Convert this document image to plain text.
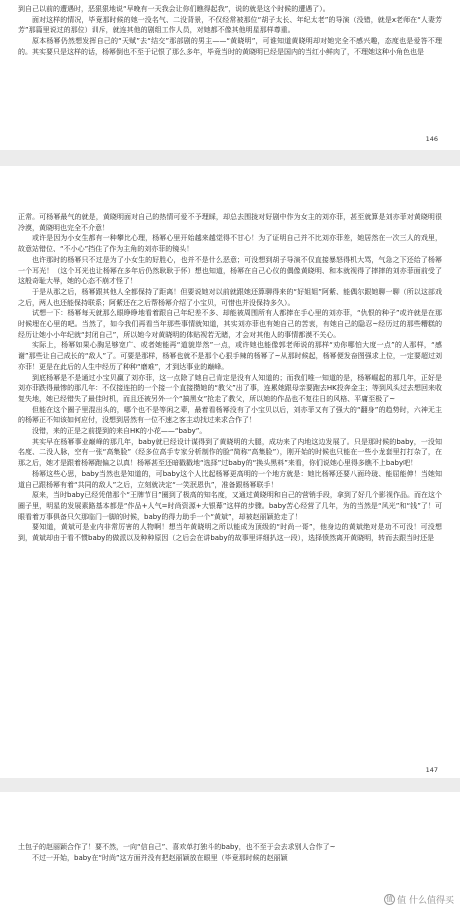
到自己以前的遭遇时，恶狠狠地说“早晚有一天我会让你们瞧得起我”，说的就是这个时候的遭遇了）。

面对这样的情况，毕竟那时候的她一没名气、二没背景，不仅经常被那位“胡子太长、年纪太老”的导演（没错，就是x老师在“人妻芳芳”那篇里说过的那位）训斥，就连其他的剧组工作人员，对她都不像其他明星那样尊重。

原本杨幂仍然想发挥自己的“天赋”去“结交”那部剧的男主——“黄晓明”，可谁知道黄晓明却对她完全不感兴趣，态度也是爱答不理的。其实要只是这样的话，杨幂倒也不至于记恨了那么多年，毕竟当时的黄晓明已经是国内的当红小鲜肉了，不理她这种小角色也是

146

正常。可杨幂最气的就是，黄晓明面对自己的热情可爱不予理睬，却总去围拢对好剧中作为女主的刘亦菲，甚至就算是刘亦菲对黄晓明很冷漠，黄晓明也完全不介意！

或许是因为小女生都有一种攀比心理，杨幂心里开始越来越觉得不甘心！为了证明自己并不比刘亦菲差，她居然在一次三人的戏里，故意站错位、“不小心”挡住了作为主角的刘亦菲的镜头！

也许那时的杨幂只不过是为了小女生的好胜心，也并不是什么恶意；可没想到胡子导演不仅直接暴怒得机大骂，气急之下还给了杨幂一个耳光！（这个耳光也让杨幂在多年后仍然耿耿于怀）想也知道，杨幂在自己心仪的偶像黄晓明、和本就视得了摔摔的刘亦菲面前受了这般奇耻大辱，她的心态不崩才怪了！

于是从那之后，杨幂跟其他人全都保持了距离！但要说她对以前就跟她还算聊得来的“好姐姐”阿紫、能偶尔跟她聊一聊（所以这部戏之后，两人也还能保持联系；阿紫还在之后帮杨幂介绍了小宝贝，可惜也并没保持多久）。

试想一下：杨幂每天就那么眼睁睁地看着跟自己年纪差不多、却能被周围所有人都捧在手心里的刘亦菲，“仇恨的种子”或许就是在那时候埋在心里的吧。当然了，如今我们再看当年那些事情就知道，其实刘亦菲也有她自己的苦衷，有她自己的隐忍~经历过的那些糟糕的经历让她小小年纪就“封闭自己”，所以她今对黄晓明的体贴视若无睹，才会对其他人的事情都漠不关心。

实际上，杨幂如果心胸足够宽广、或者她能再“道貌岸然”一点，或许她也能像郭老师说的那样“劝你哪怕大度一点”的人那样，“感谢”那些让自己成长的“敌人”了。可要是那样，杨幂也就不是那个心狠手辣的杨幂了~从那时候起，杨幂便发奋图强求上位，一定要超过刘亦菲！更是在此后的人生中经历了种种“磨难”，才到达事业的巅峰。

到底杨幂是不是通过小宝贝赢了刘亦菲，这一点除了她自己肯定是没有人知道的；而我们唯一知道的是，杨幂崛起的那几年，正好是刘亦菲跌得最惨的那几年：不仅接连拍的一个接一个直接攒她的“教父”出了事，连累她跟母亲要跑去HK投奔金主；等到风头过去想回来收复失地，她已经错失了最佳时机，而且还被另外一个“搞黑女”抢走了教父，所以她的作品也不复往日的风格、平庸至极了~

但能在这个圈子里混出头的，哪个也不是等闲之辈，最着看杨幂没有了小宝贝以后，刘亦菲又有了强大的“翻身”的趋势时，六神无主的杨幂正不知该如何应付，没想到居然有一位不速之客主动找过来求合作了！

没错，来的正是之前提到的来自HK的小花——“baby”。

其实早在杨幂事业巅峰的那几年，baby就已经设计谋得到了黄晓明的大腿，成功来了内地这边发展了。只是那时候的baby，一没知名度、二没人脉，空有一张“高集脸”（经多位高手专家分析制作的脸“简称“高集脸”），刚开始的时候也只能在一些小龙套里打打杂了，在那之后，她才是跟着杨幂跑偏之以真！杨幂甚至还暗戳戳地“选择”过baby的“换头黑料”来看，你们说她心里得多瞧不上baby吧！

杨幂这些心思，baby当然也是知道的，可baby这个人比起杨幂更高明的一个地方就是：她比杨幂还要八面玲珑、能屈能伸！当她知道自己跟杨幂有着“共同的敌人”之后，立刻就决定“一笑泯恩仇”，准备跟杨幂联手！

原来，当时baby已经凭借那个“王牌节目”圈到了极高的知名度，又通过黄晓明和自己的营销手段，拿到了好几个影视作品。而在这个圈子里，明星的发展素路基本都是“作品+人气=时尚资源+大银幕”这样的步骤。baby苦心经营了几年，为的当然是“风光”和“钱”了！可眼看着万事俱备只欠那临门一脚的时候，baby的得力助手一个“黄斌”，却被赵丽颖抢走了！

要知道，黄斌可是业内非常厉害的人物啊！想当年黄晓明之所以能成为顶级的“时尚一哥”，他身边的黄斌绝对是功不可没！可没想到，黄斌却由于看不惯baby的做派以及种种原因（之后会在讲baby的故事里详细扒这一段），选择愤然离开黄晓明，转而去跟当时还是

147

土包子的赵丽颖合作了！要不然，一向“信自己”、喜欢单打独斗的baby，也不至于会去求别人合作了~

不过一开始，baby在“时尚”这方面并没有把赵丽颖放在眼里（毕竟那时候的赵丽颖

值 值 什么值得买
